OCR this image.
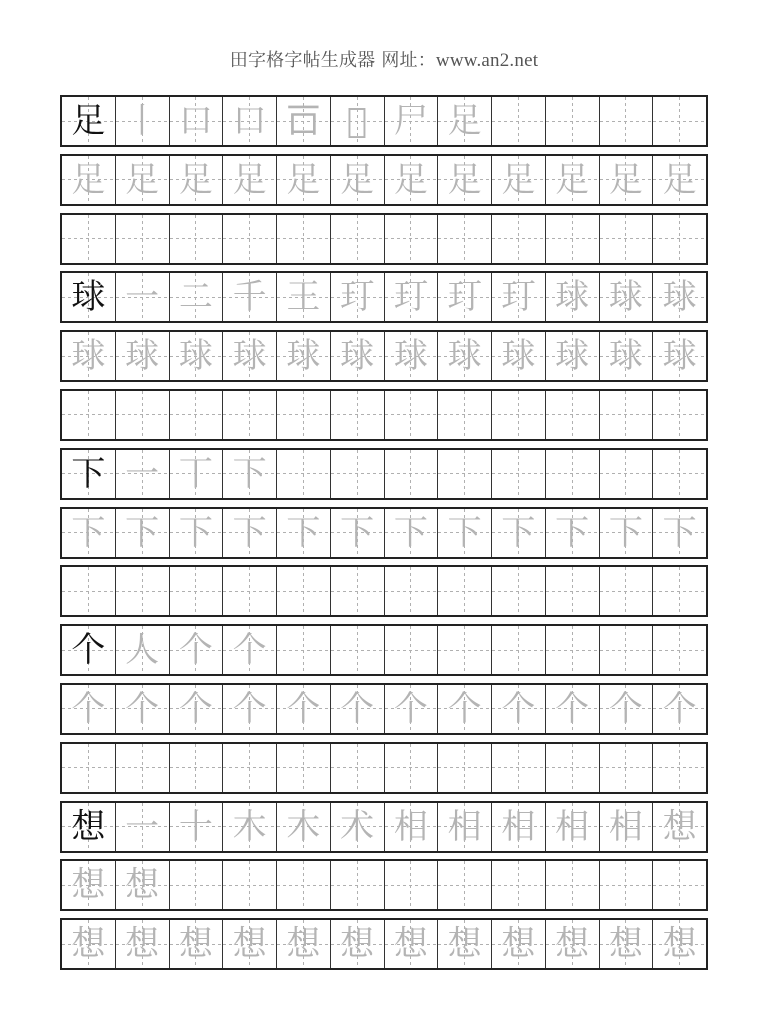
田字格字帖生成器 网址：www.an2.net
足 丨 口 口 𠮛 𠯁 尸 足
足 足 足 足 足 足 足 足 足 足 足 足
球 一 二 千 王 玎 玎 玎 玎 球 球 球
球 球 球 球 球 球 球 球 球 球 球 球
下 一 丅 下
下 下 下 下 下 下 下 下 下 下 下 下
个 人 个 个
个 个 个 个 个 个 个 个 个 个 个 个
想 一 十 木 木 术 相 相 相 相 相 想
想 想
想 想 想 想 想 想 想 想 想 想 想 想
